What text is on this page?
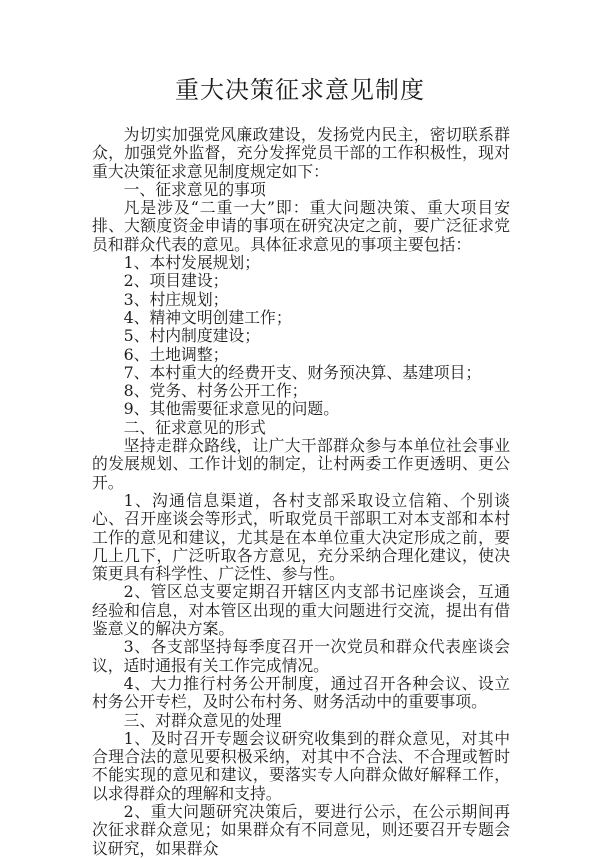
重大决策征求意见制度

为切实加强党风廉政建设，发扬党内民主，密切联系群众，加强党外监督，充分发挥党员干部的工作积极性，现对重大决策征求意见制度规定如下：

一、征求意见的事项

凡是涉及“二重一大”即：重大问题决策、重大项目安排、大额度资金申请的事项在研究决定之前，要广泛征求党员和群众代表的意见。具体征求意见的事项主要包括：

1、本村发展规划；

2、项目建设；

3、村庄规划；

4、精神文明创建工作；

5、村内制度建设；

6、土地调整；

7、本村重大的经费开支、财务预决算、基建项目；

8、党务、村务公开工作；

9、其他需要征求意见的问题。

二、征求意见的形式

坚持走群众路线，让广大干部群众参与本单位社会事业的发展规划、工作计划的制定，让村两委工作更透明、更公开。

1、沟通信息渠道，各村支部采取设立信箱、个别谈心、召开座谈会等形式，听取党员干部职工对本支部和本村工作的意见和建议，尤其是在本单位重大决定形成之前，要几上几下，广泛听取各方意见，充分采纳合理化建议，使决策更具有科学性、广泛性、参与性。

2、管区总支要定期召开辖区内支部书记座谈会，互通经验和信息，对本管区出现的重大问题进行交流，提出有借鉴意义的解决方案。

3、各支部坚持每季度召开一次党员和群众代表座谈会议，适时通报有关工作完成情况。

4、大力推行村务公开制度，通过召开各种会议、设立村务公开专栏，及时公布村务、财务活动中的重要事项。

三、对群众意见的处理

1、及时召开专题会议研究收集到的群众意见，对其中合理合法的意见要积极采纳，对其中不合法、不合理或暂时不能实现的意见和建议，要落实专人向群众做好解释工作，以求得群众的理解和支持。

2、重大问题研究决策后，要进行公示，在公示期间再次征求群众意见；如果群众有不同意见，则还要召开专题会议研究，如果群众
